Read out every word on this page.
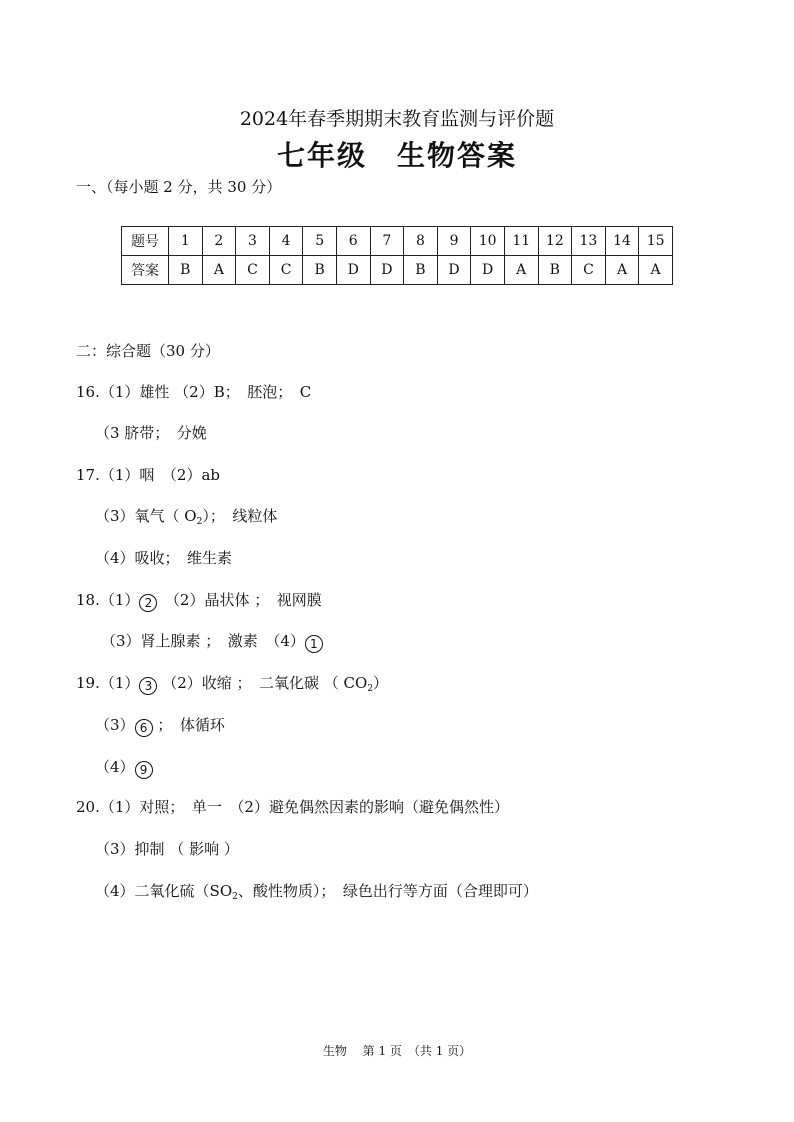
2024年春季期期末教育监测与评价题
七年级　生物答案
一、（每小题 2 分，共 30 分）
题号	1	2	3	4	5	6	7	8	9	10	11	12	13	14	15
答案	B	A	C	C	B	D	D	B	D	D	A	B	C	A	A
二：综合题（30 分）
16.（1）雄性 （2）B；　胚泡；　C
（3 脐带；　分娩
17.（1）咽　（2）ab
（3）氧气（ $O_2$）；　线粒体
（4）吸收；　维生素
18.（1） 2　（2）晶状体 ；　视网膜
（3）肾上腺素 ；　激素　（4） 1
19.（1） 3 （2）收缩 ；　二氧化碳 （ $CO_2$）
（3） 6 ；　体循环
（4） 9
20.（1）对照；　单一　（2）避免偶然因素的影响（避免偶然性）
（3）抑制 （ 影响 ）
（4）二氧化硫（$SO_2$、酸性物质）；　绿色出行等方面（合理即可）
生物　 第 1 页　（共 1 页）
